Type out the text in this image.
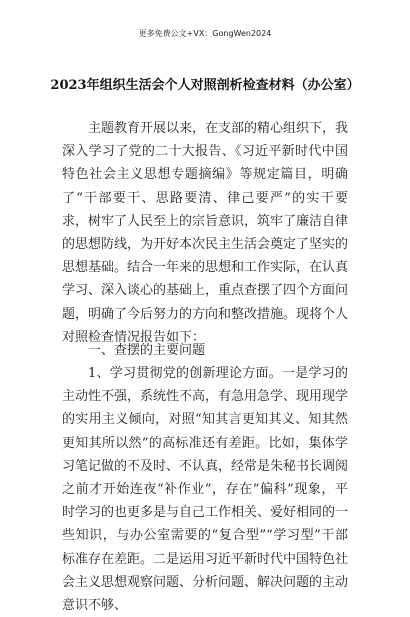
更多免费公文+VX：GongWen2024
2023年组织生活会个人对照剖析检查材料（办公室）

主题教育开展以来，在支部的精心组织下，我深入学习了党的二十大报告、《习近平新时代中国特色社会主义思想专题摘编》等规定篇目，明确了“干部要干、思路要清、律己要严”的实干要求，树牢了人民至上的宗旨意识，筑牢了廉洁自律的思想防线，为开好本次民主生活会奠定了坚实的思想基础。结合一年来的思想和工作实际，在认真学习、深入谈心的基础上，重点查摆了四个方面问题，明确了今后努力的方向和整改措施。现将个人对照检查情况报告如下：

一、查摆的主要问题

1、学习贯彻党的创新理论方面。一是学习的主动性不强，系统性不高，有急用急学、现用现学的实用主义倾向，对照“知其言更知其义、知其然更知其所以然”的高标准还有差距。比如，集体学习笔记做的不及时、不认真，经常是朱秘书长调阅之前才开始连夜“补作业”，存在“偏科”现象，平时学习的也更多是与自己工作相关、爱好相同的一些知识，与办公室需要的“复合型”“学习型”干部标准存在差距。二是运用习近平新时代中国特色社会主义思想观察问题、分析问题、解决问题的主动意识不够、
